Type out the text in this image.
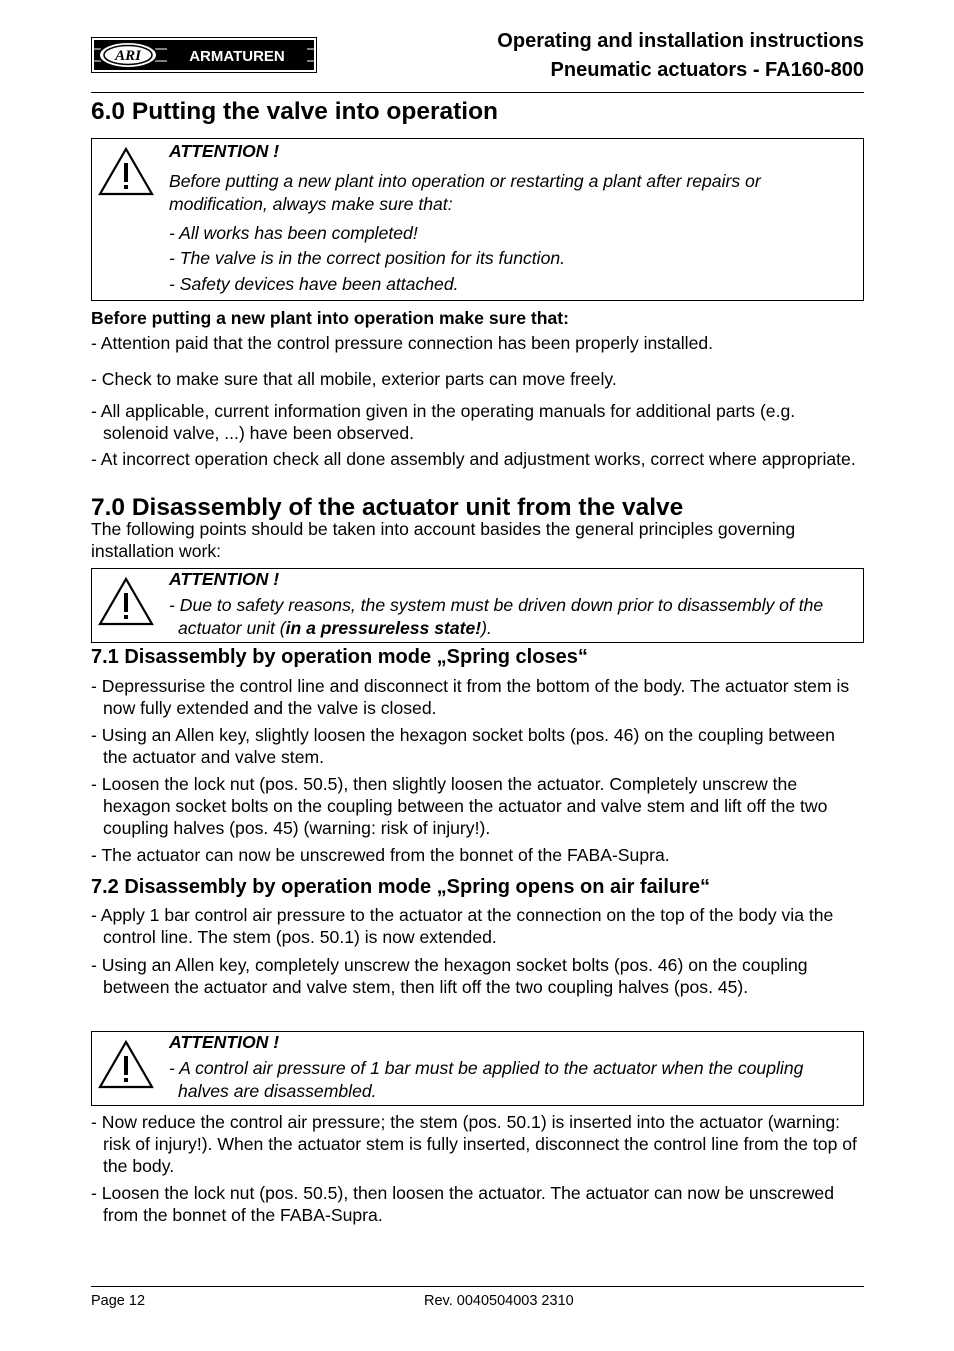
ARI	ARMATUREN
Operating and installation instructions
Pneumatic actuators - FA160-800
6.0 Putting the valve into operation

ATTENTION !

Before putting a new plant into operation or restarting a plant after repairs or modification, always make sure that:

- All works has been completed!

- The valve is in the correct position for its function.

- Safety devices have been attached.

Before putting a new plant into operation make sure that:

- Attention paid that the control pressure connection has been properly installed.

- Check to make sure that all mobile, exterior parts can move freely.

- All applicable, current information given in the operating manuals for additional parts (e.g. solenoid valve, ...) have been observed.

- At incorrect operation check all done assembly and adjustment works, correct where appropriate.

7.0 Disassembly of the actuator unit from the valve

The following points should be taken into account basides the general principles governing installation work:

ATTENTION !

- Due to safety reasons, the system must be driven down prior to disassembly of the actuator unit (in a pressureless state!).

7.1 Disassembly by operation mode „Spring closes“

- Depressurise the control line and disconnect it from the bottom of the body. The actuator stem is now fully extended and the valve is closed.

- Using an Allen key, slightly loosen the hexagon socket bolts (pos. 46) on the coupling between the actuator and valve stem.

- Loosen the lock nut (pos. 50.5), then slightly loosen the actuator. Completely unscrew the hexagon socket bolts on the coupling between the actuator and valve stem and lift off the two coupling halves (pos. 45) (warning: risk of injury!).

- The actuator can now be unscrewed from the bonnet of the FABA-Supra.

7.2 Disassembly by operation mode „Spring opens on air failure“

- Apply 1 bar control air pressure to the actuator at the connection on the top of the body via the control line. The stem (pos. 50.1) is now extended.

- Using an Allen key, completely unscrew the hexagon socket bolts (pos. 46) on the coupling between the actuator and valve stem, then lift off the two coupling halves (pos. 45).

ATTENTION !

- A control air pressure of 1 bar must be applied to the actuator when the coupling halves are disassembled.

- Now reduce the control air pressure; the stem (pos. 50.1) is inserted into the actuator (warning: risk of injury!). When the actuator stem is fully inserted, disconnect the control line from the top of the body.

- Loosen the lock nut (pos. 50.5), then loosen the actuator. The actuator can now be unscrewed from the bonnet of the FABA-Supra.

Page 12	Rev. 0040504003 2310
